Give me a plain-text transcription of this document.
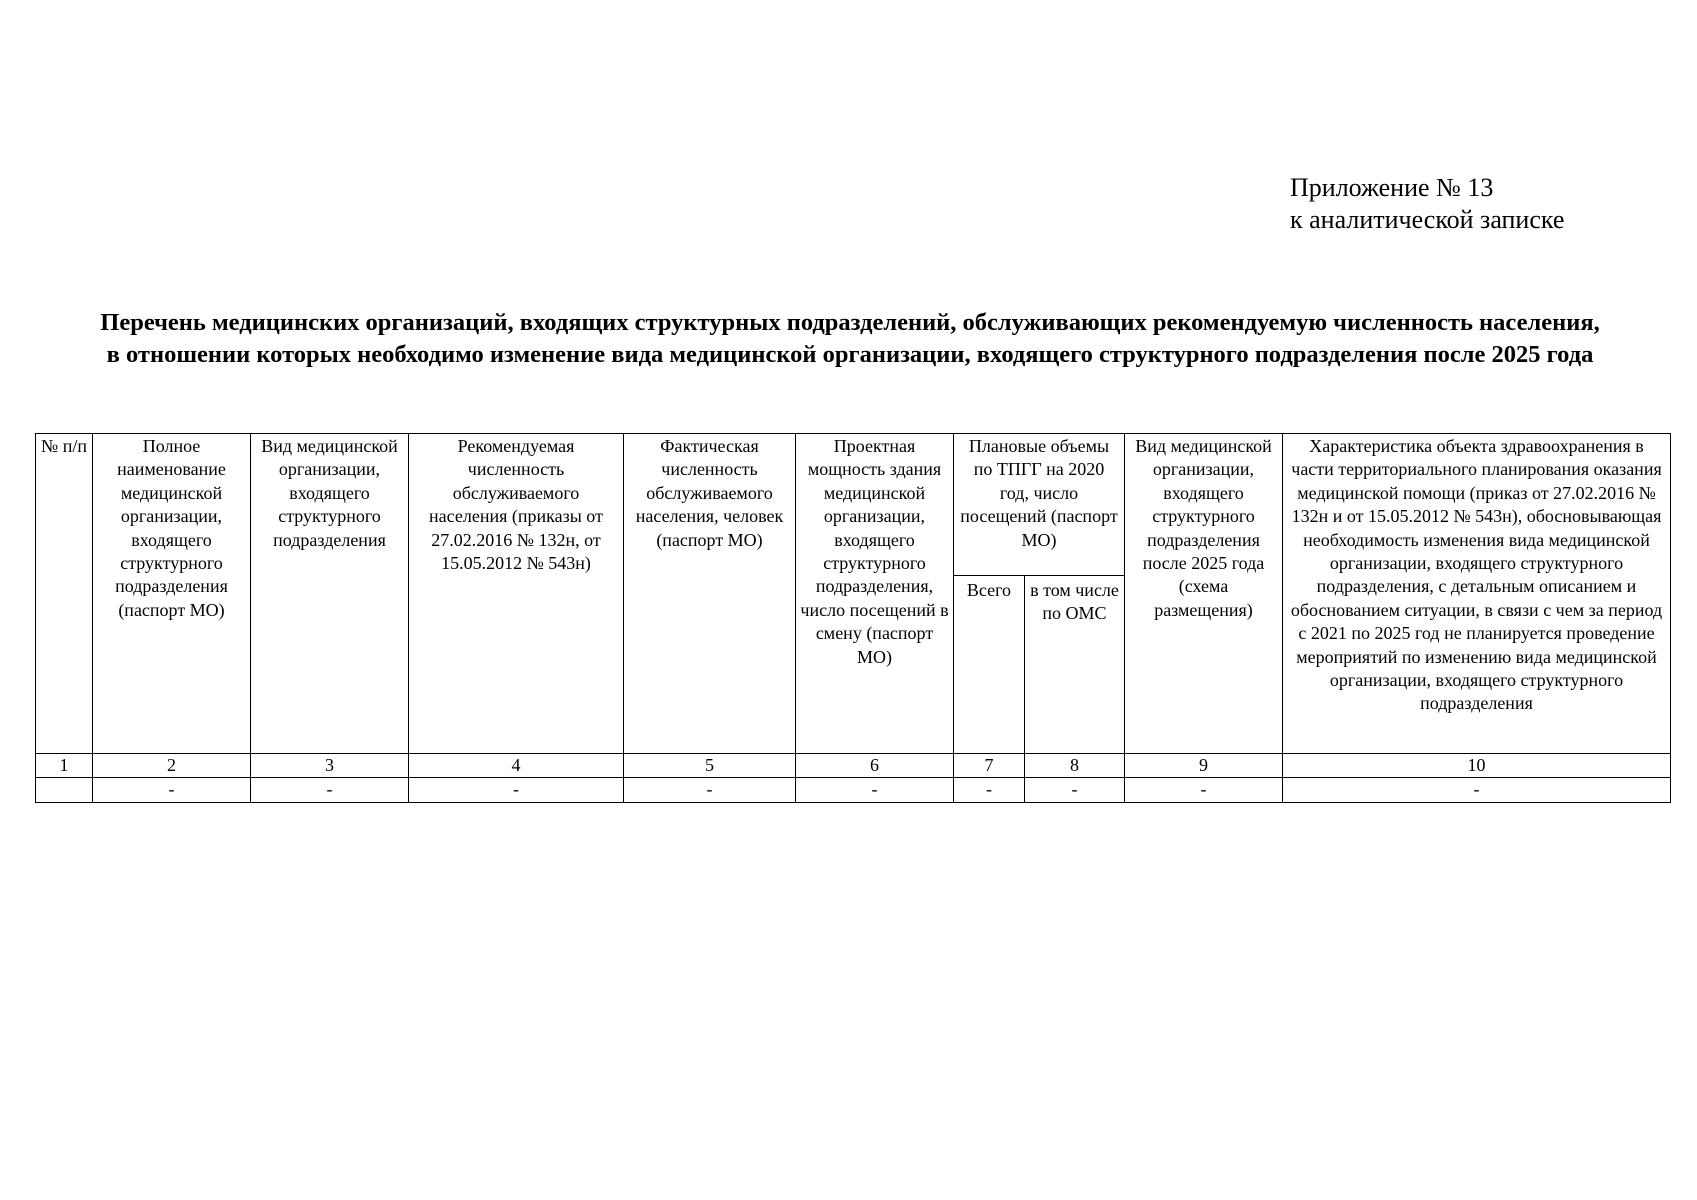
Приложение № 13
к аналитической записке
Перечень медицинских организаций, входящих структурных подразделений, обслуживающих рекомендуемую численность населения, в отношении которых необходимо изменение вида медицинской организации, входящего структурного подразделения после 2025 года
№ п/п	Полное наименование медицинской организации, входящего структурного подразделения (паспорт МО)	Вид медицинской организации, входящего структурного подразделения	Рекомендуемая численность обслуживаемого населения (приказы от 27.02.2016 № 132н, от 15.05.2012 № 543н)	Фактическая численность обслуживаемого населения, человек (паспорт МО)	Проектная мощность здания медицинской организации, входящего структурного подразделения, число посещений в смену (паспорт МО)	Плановые объемы по ТПГГ на 2020 год, число посещений (паспорт МО)		Вид медицинской организации, входящего структурного подразделения после 2025 года (схема размещения)	Характеристика объекта здравоохранения в части территориального планирования оказания медицинской помощи (приказ от 27.02.2016 № 132н и от 15.05.2012 № 543н), обосновывающая необходимость изменения вида медицинской организации, входящего структурного подразделения, с детальным описанием и обоснованием ситуации, в связи с чем за период с 2021 по 2025 год не планируется проведение мероприятий по изменению вида медицинской организации, входящего структурного подразделения
						Всего	в том числе по ОМС		
1	2	3	4	5	6	7	8	9	10
	-	-	-	-	-	-	-	-	-
